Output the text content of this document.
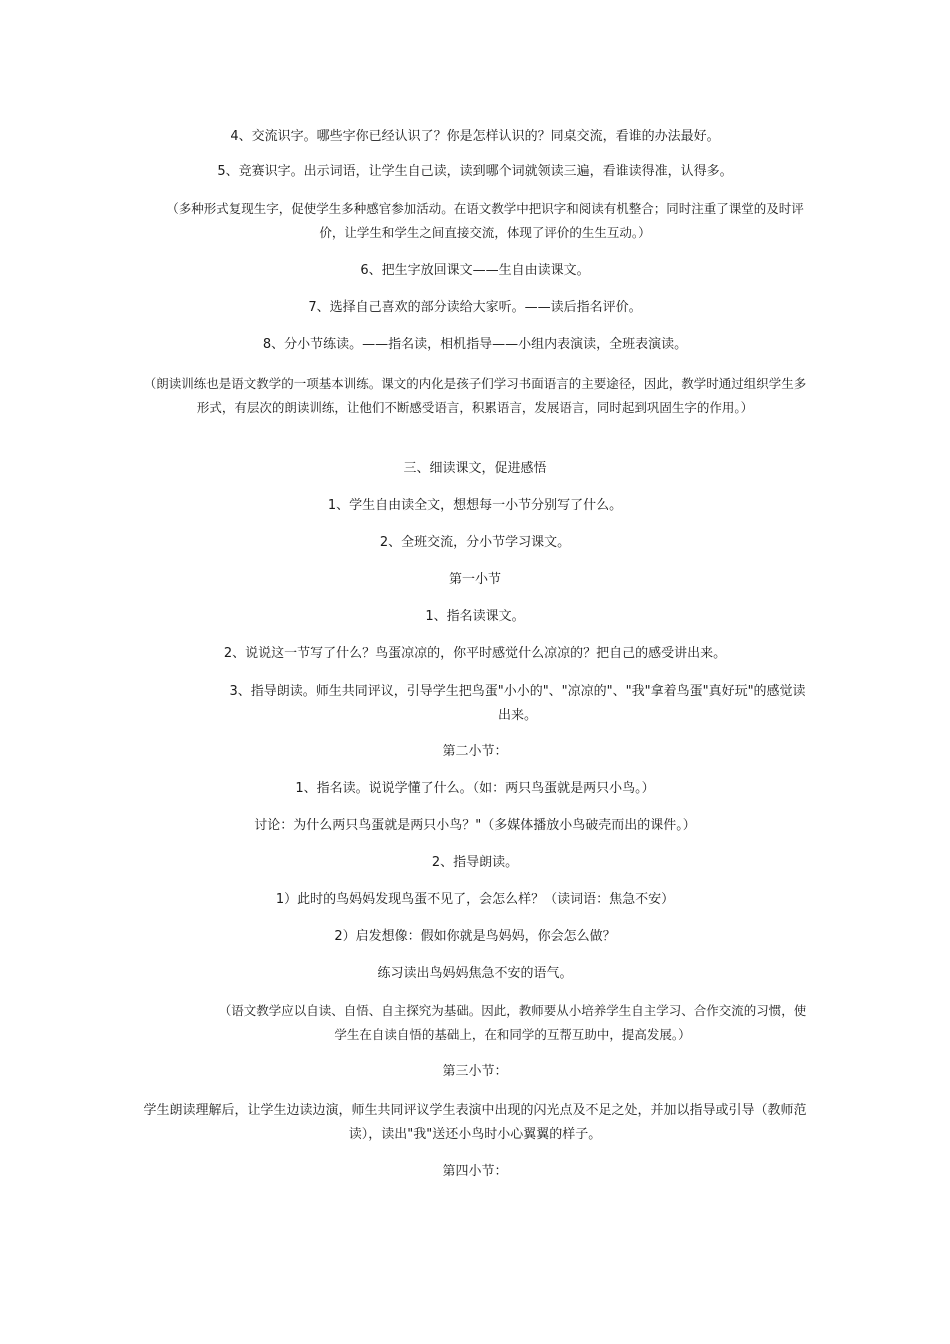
4、交流识字。哪些字你已经认识了？你是怎样认识的？同桌交流，看谁的办法最好。
5、竞赛识字。出示词语，让学生自己读，读到哪个词就领读三遍，看谁读得准，认得多。
（多种形式复现生字，促使学生多种感官参加活动。在语文教学中把识字和阅读有机整合；同时注重了课堂的及时评价，让学生和学生之间直接交流，体现了评价的生生互动。）
6、把生字放回课文——生自由读课文。
7、选择自己喜欢的部分读给大家听。——读后指名评价。
8、分小节练读。——指名读，相机指导——小组内表演读，全班表演读。
（朗读训练也是语文教学的一项基本训练。课文的内化是孩子们学习书面语言的主要途径，因此，教学时通过组织学生多形式，有层次的朗读训练，让他们不断感受语言，积累语言，发展语言，同时起到巩固生字的作用。）
三、细读课文，促进感悟
1、学生自由读全文，想想每一小节分别写了什么。
2、全班交流，分小节学习课文。
第一小节
1、指名读课文。
2、说说这一节写了什么？鸟蛋凉凉的，你平时感觉什么凉凉的？把自己的感受讲出来。
3、指导朗读。师生共同评议，引导学生把鸟蛋"小小的"、"凉凉的"、"我"拿着鸟蛋"真好玩"的感觉读出来。
第二小节：
1、指名读。说说学懂了什么。（如：两只鸟蛋就是两只小鸟。）
讨论：为什么两只鸟蛋就是两只小鸟？"（多媒体播放小鸟破壳而出的课件。）
2、指导朗读。
1）此时的鸟妈妈发现鸟蛋不见了，会怎么样？（读词语：焦急不安）
2）启发想像：假如你就是鸟妈妈，你会怎么做？
练习读出鸟妈妈焦急不安的语气。
（语文教学应以自读、自悟、自主探究为基础。因此，教师要从小培养学生自主学习、合作交流的习惯，使学生在自读自悟的基础上，在和同学的互帮互助中，提高发展。）
第三小节：
学生朗读理解后，让学生边读边演，师生共同评议学生表演中出现的闪光点及不足之处，并加以指导或引导（教师范读），读出"我"送还小鸟时小心翼翼的样子。
第四小节：
